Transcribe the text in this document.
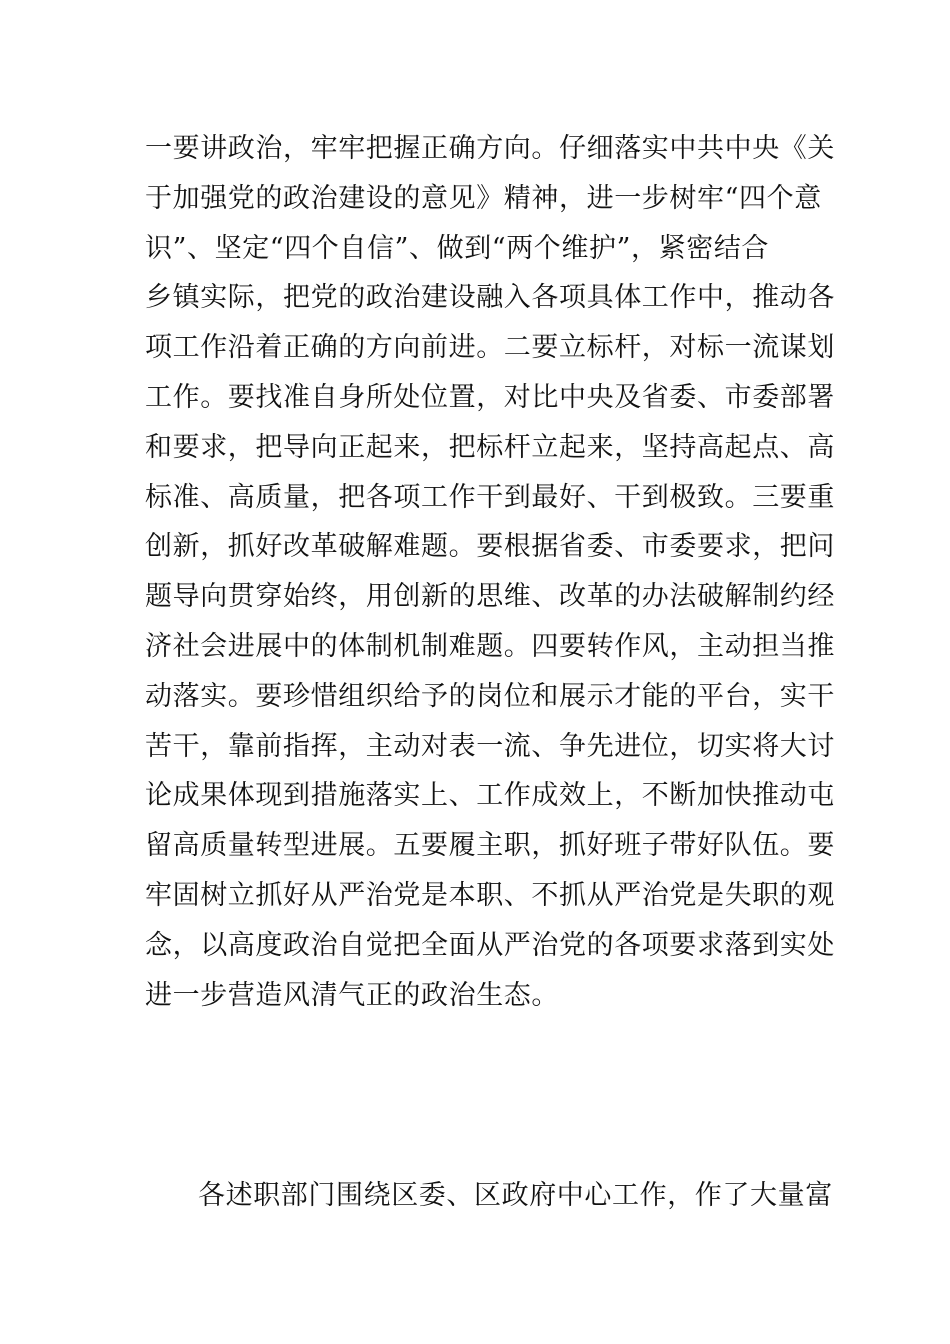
一要讲政治，牢牢把握正确方向。仔细落实中共中央《关
于加强党的政治建设的意见》精神，进一步树牢“四个意
识”、坚定“四个自信”、做到“两个维护”，紧密结合
乡镇实际，把党的政治建设融入各项具体工作中，推动各
项工作沿着正确的方向前进。二要立标杆，对标一流谋划
工作。要找准自身所处位置，对比中央及省委、市委部署
和要求，把导向正起来，把标杆立起来，坚持高起点、高
标准、高质量，把各项工作干到最好、干到极致。三要重
创新，抓好改革破解难题。要根据省委、市委要求，把问
题导向贯穿始终，用创新的思维、改革的办法破解制约经
济社会进展中的体制机制难题。四要转作风，主动担当推
动落实。要珍惜组织给予的岗位和展示才能的平台，实干
苦干，靠前指挥，主动对表一流、争先进位，切实将大讨
论成果体现到措施落实上、工作成效上，不断加快推动屯
留高质量转型进展。五要履主职，抓好班子带好队伍。要
牢固树立抓好从严治党是本职、不抓从严治党是失职的观
念，以高度政治自觉把全面从严治党的各项要求落到实处
进一步营造风清气正的政治生态。
各述职部门围绕区委、区政府中心工作，作了大量富
